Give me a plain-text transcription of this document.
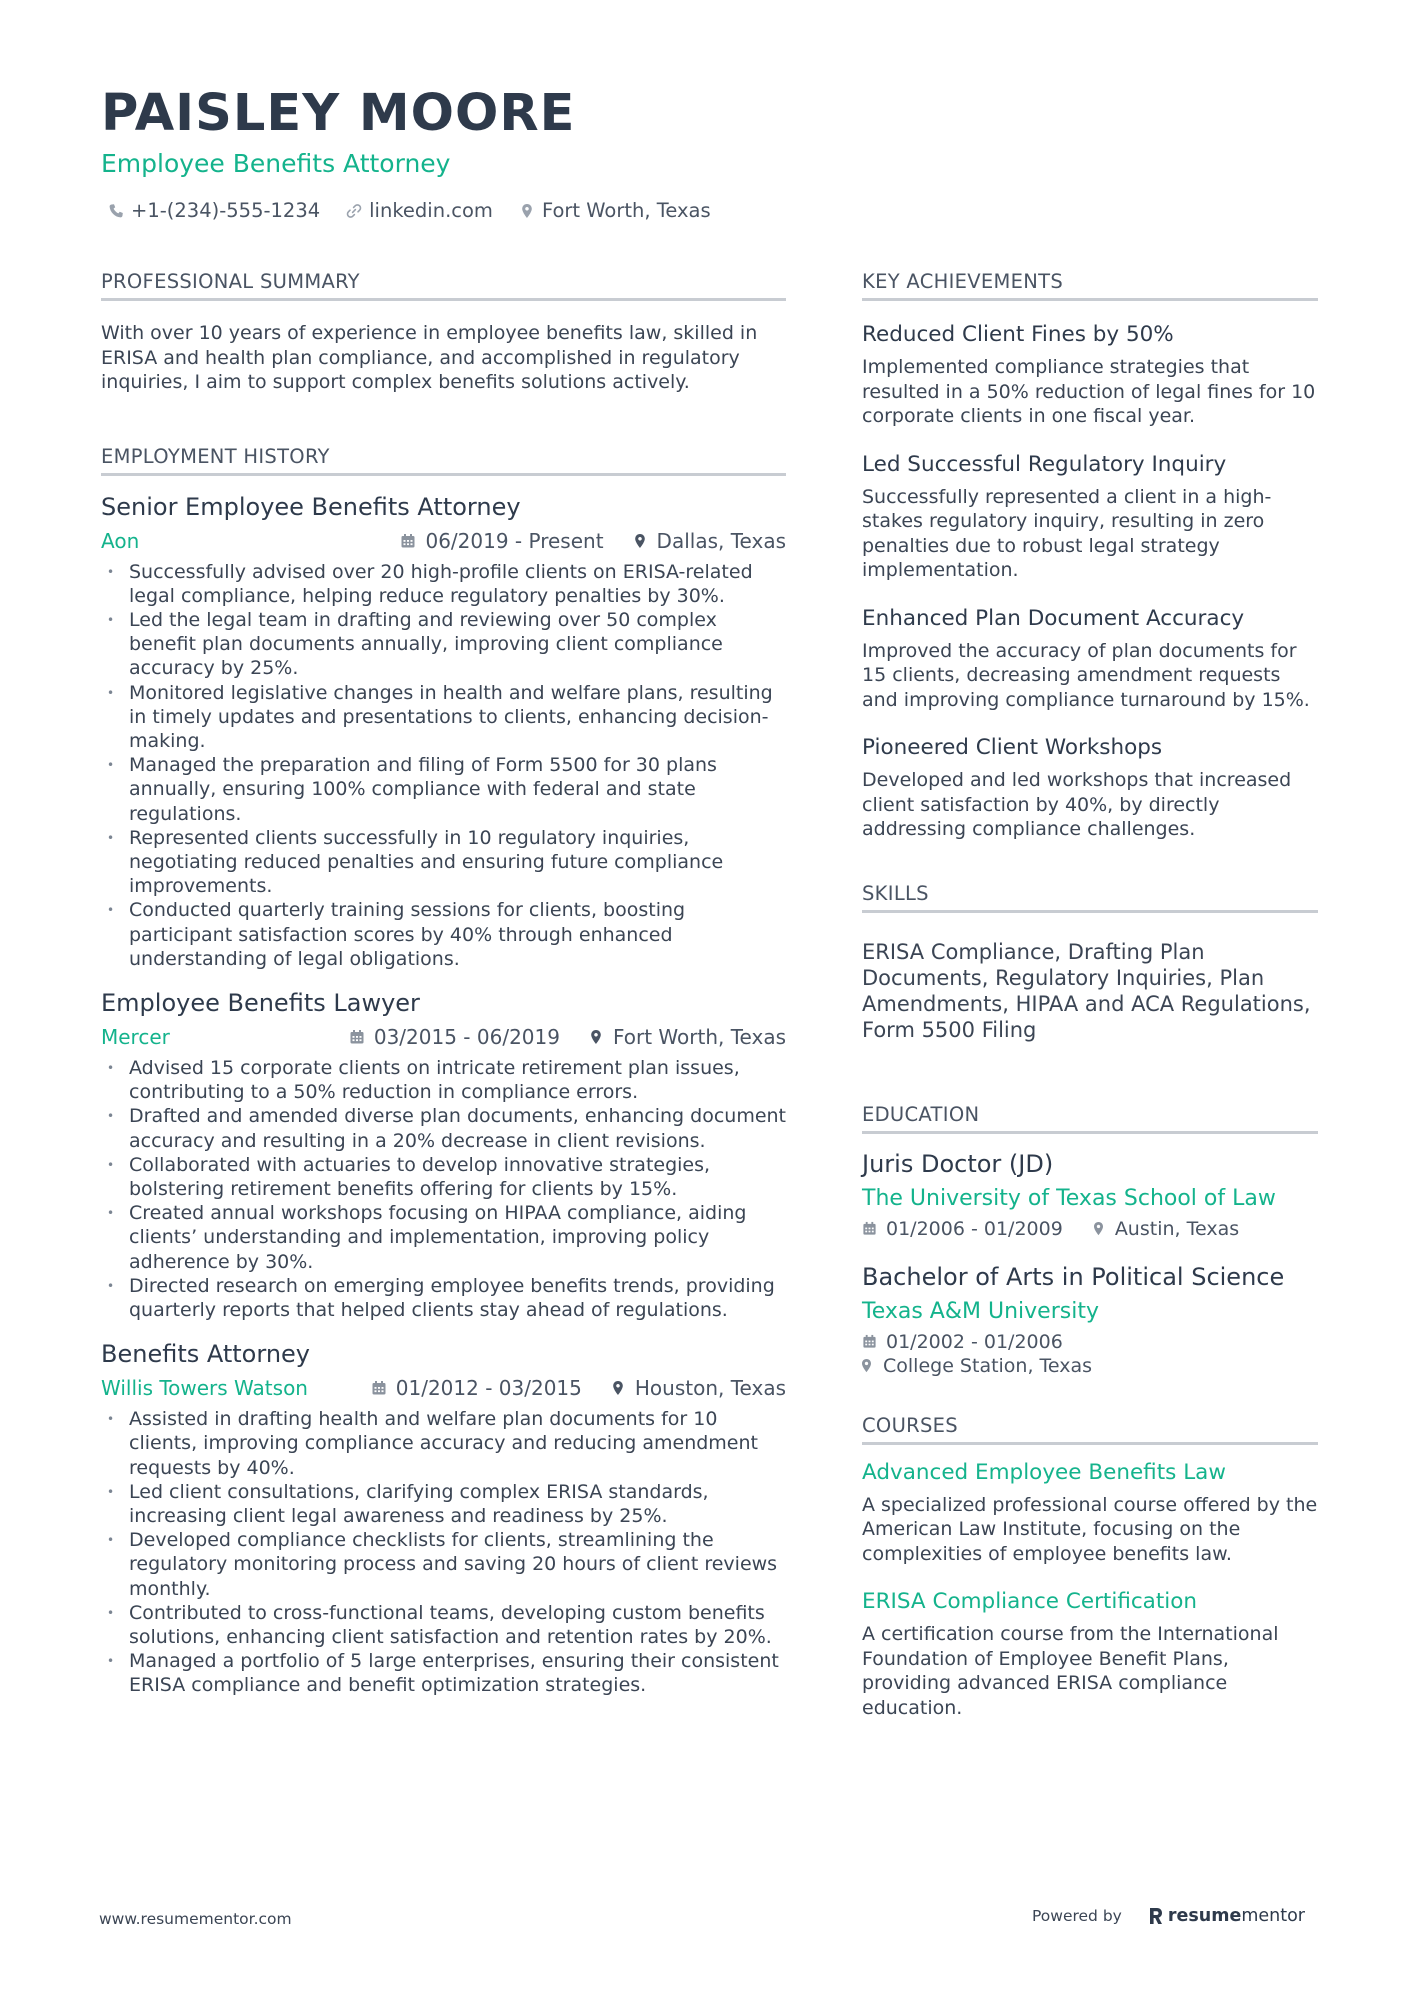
PAISLEY MOORE
Employee Benefits Attorney
+1-(234)-555-1234	linkedin.com	Fort Worth, Texas
PROFESSIONAL SUMMARY
With over 10 years of experience in employee benefits law, skilled in ERISA and health plan compliance, and accomplished in regulatory inquiries, I aim to support complex benefits solutions actively.
EMPLOYMENT HISTORY
Senior Employee Benefits Attorney
Aon	06/2019 - Present	Dallas, Texas
• Successfully advised over 20 high-profile clients on ERISA-related legal compliance, helping reduce regulatory penalties by 30%.
• Led the legal team in drafting and reviewing over 50 complex benefit plan documents annually, improving client compliance accuracy by 25%.
• Monitored legislative changes in health and welfare plans, resulting in timely updates and presentations to clients, enhancing decision-making.
• Managed the preparation and filing of Form 5500 for 30 plans annually, ensuring 100% compliance with federal and state regulations.
• Represented clients successfully in 10 regulatory inquiries, negotiating reduced penalties and ensuring future compliance improvements.
• Conducted quarterly training sessions for clients, boosting participant satisfaction scores by 40% through enhanced understanding of legal obligations.
Employee Benefits Lawyer
Mercer	03/2015 - 06/2019	Fort Worth, Texas
• Advised 15 corporate clients on intricate retirement plan issues, contributing to a 50% reduction in compliance errors.
• Drafted and amended diverse plan documents, enhancing document accuracy and resulting in a 20% decrease in client revisions.
• Collaborated with actuaries to develop innovative strategies, bolstering retirement benefits offering for clients by 15%.
• Created annual workshops focusing on HIPAA compliance, aiding clients’ understanding and implementation, improving policy adherence by 30%.
• Directed research on emerging employee benefits trends, providing quarterly reports that helped clients stay ahead of regulations.
Benefits Attorney
Willis Towers Watson	01/2012 - 03/2015	Houston, Texas
• Assisted in drafting health and welfare plan documents for 10 clients, improving compliance accuracy and reducing amendment requests by 40%.
• Led client consultations, clarifying complex ERISA standards, increasing client legal awareness and readiness by 25%.
• Developed compliance checklists for clients, streamlining the regulatory monitoring process and saving 20 hours of client reviews monthly.
• Contributed to cross-functional teams, developing custom benefits solutions, enhancing client satisfaction and retention rates by 20%.
• Managed a portfolio of 5 large enterprises, ensuring their consistent ERISA compliance and benefit optimization strategies.
KEY ACHIEVEMENTS
Reduced Client Fines by 50%
Implemented compliance strategies that resulted in a 50% reduction of legal fines for 10 corporate clients in one fiscal year.
Led Successful Regulatory Inquiry
Successfully represented a client in a high-stakes regulatory inquiry, resulting in zero penalties due to robust legal strategy implementation.
Enhanced Plan Document Accuracy
Improved the accuracy of plan documents for 15 clients, decreasing amendment requests and improving compliance turnaround by 15%.
Pioneered Client Workshops
Developed and led workshops that increased client satisfaction by 40%, by directly addressing compliance challenges.
SKILLS
ERISA Compliance, Drafting Plan Documents, Regulatory Inquiries, Plan Amendments, HIPAA and ACA Regulations, Form 5500 Filing
EDUCATION
Juris Doctor (JD)
The University of Texas School of Law
01/2006 - 01/2009	Austin, Texas
Bachelor of Arts in Political Science
Texas A&M University
01/2002 - 01/2006
College Station, Texas
COURSES
Advanced Employee Benefits Law
A specialized professional course offered by the American Law Institute, focusing on the complexities of employee benefits law.
ERISA Compliance Certification
A certification course from the International Foundation of Employee Benefit Plans, providing advanced ERISA compliance education.
www.resumementor.com	Powered by	resume mentor
